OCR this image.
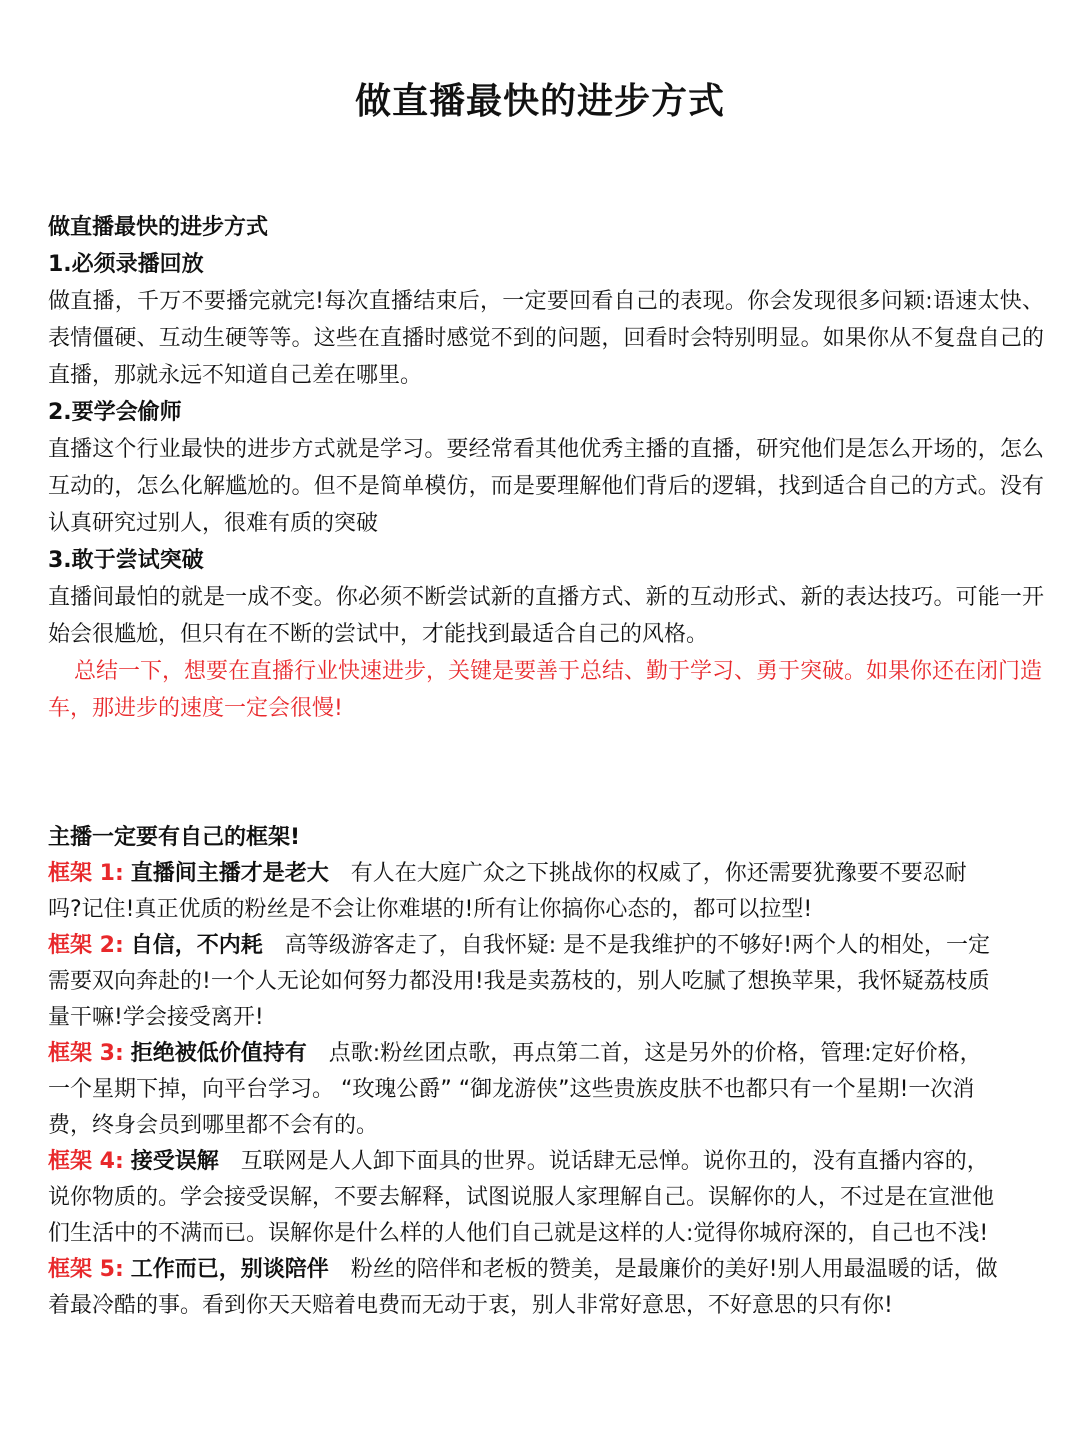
做直播最快的进步方式

做直播最快的进步方式

1.必须录播回放

做直播，千万不要播完就完!每次直播结束后，一定要回看自己的表现。你会发现很多问颖:语速太快、表情僵硬、互动生硬等等。这些在直播时感觉不到的问题，回看时会特别明显。如果你从不复盘自己的直播，那就永远不知道自己差在哪里。

2.要学会偷师

直播这个行业最快的进步方式就是学习。要经常看其他优秀主播的直播，研究他们是怎么开场的，怎么互动的，怎么化解尴尬的。但不是简单模仿，而是要理解他们背后的逻辑，找到适合自己的方式。没有认真研究过别人，很难有质的突破

3.敢于尝试突破

直播间最怕的就是一成不变。你必须不断尝试新的直播方式、新的互动形式、新的表达技巧。可能一开始会很尴尬，但只有在不断的尝试中，才能找到最适合自己的风格。

总结一下，想要在直播行业快速进步，关键是要善于总结、勤于学习、勇于突破。如果你还在闭门造车，那进步的速度一定会很慢!

主播一定要有自己的框架!

框架 1: 直播间主播才是老大 有人在大庭广众之下挑战你的权威了，你还需要犹豫要不要忍耐吗?记住!真正优质的粉丝是不会让你难堪的!所有让你搞你心态的，都可以拉型!

框架 2: 自信，不内耗 高等级游客走了，自我怀疑: 是不是我维护的不够好!两个人的相处，一定需要双向奔赴的!一个人无论如何努力都没用!我是卖荔枝的，别人吃腻了想换苹果，我怀疑荔枝质量干嘛!学会接受离开!

框架 3: 拒绝被低价值持有 点歌:粉丝团点歌，再点第二首，这是另外的价格，管理:定好价格，一个星期下掉，向平台学习。 “玫瑰公爵” “御龙游侠”这些贵族皮肤不也都只有一个星期!一次消费，终身会员到哪里都不会有的。

框架 4: 接受误解 互联网是人人卸下面具的世界。说话肆无忌惮。说你丑的，没有直播内容的，说你物质的。学会接受误解，不要去解释，试图说服人家理解自己。误解你的人，不过是在宣泄他们生活中的不满而已。误解你是什么样的人他们自己就是这样的人:觉得你城府深的，自己也不浅!

框架 5: 工作而已，别谈陪伴 粉丝的陪伴和老板的赞美，是最廉价的美好!别人用最温暖的话，做着最冷酷的事。看到你天天赔着电费而无动于衷，别人非常好意思，不好意思的只有你!
